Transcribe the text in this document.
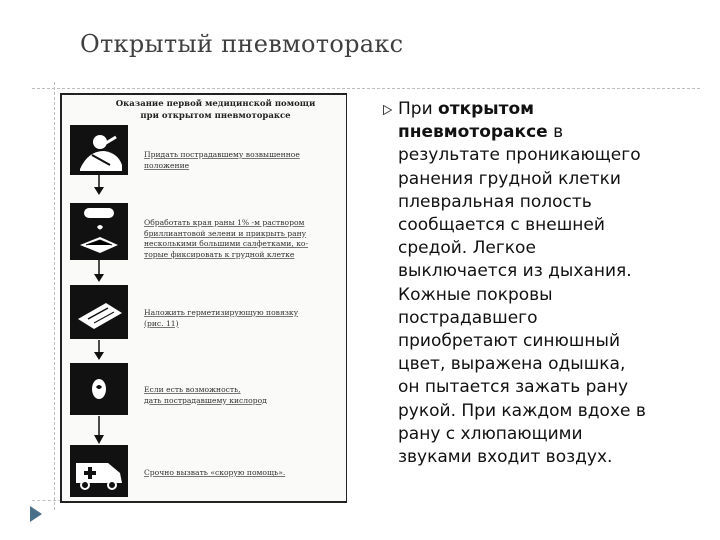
Открытый пневмоторакс
Оказание первой медицинской помощи
при открытом пневмотораксе
Придать пострадавшему возвышенное
положение
Обработать края раны 1% -м раствором
бриллиантовой зелени и прикрыть рану
несколькими большими салфетками, ко-
торые фиксировать к грудной клетке
Наложить герметизирующую повязку
(рис. 11)
Если есть возможность,
дать пострадавшему кислород
Срочно вызвать «скорую помощь».
При открытом
пневмотораксе в
результате проникающего
ранения грудной клетки
плевральная полость
сообщается с внешней
средой. Легкое
выключается из дыхания.
Кожные покровы
пострадавшего
приобретают синюшный
цвет, выражена одышка,
он пытается зажать рану
рукой. При каждом вдохе в
рану с хлюпающими
звуками входит воздух.
